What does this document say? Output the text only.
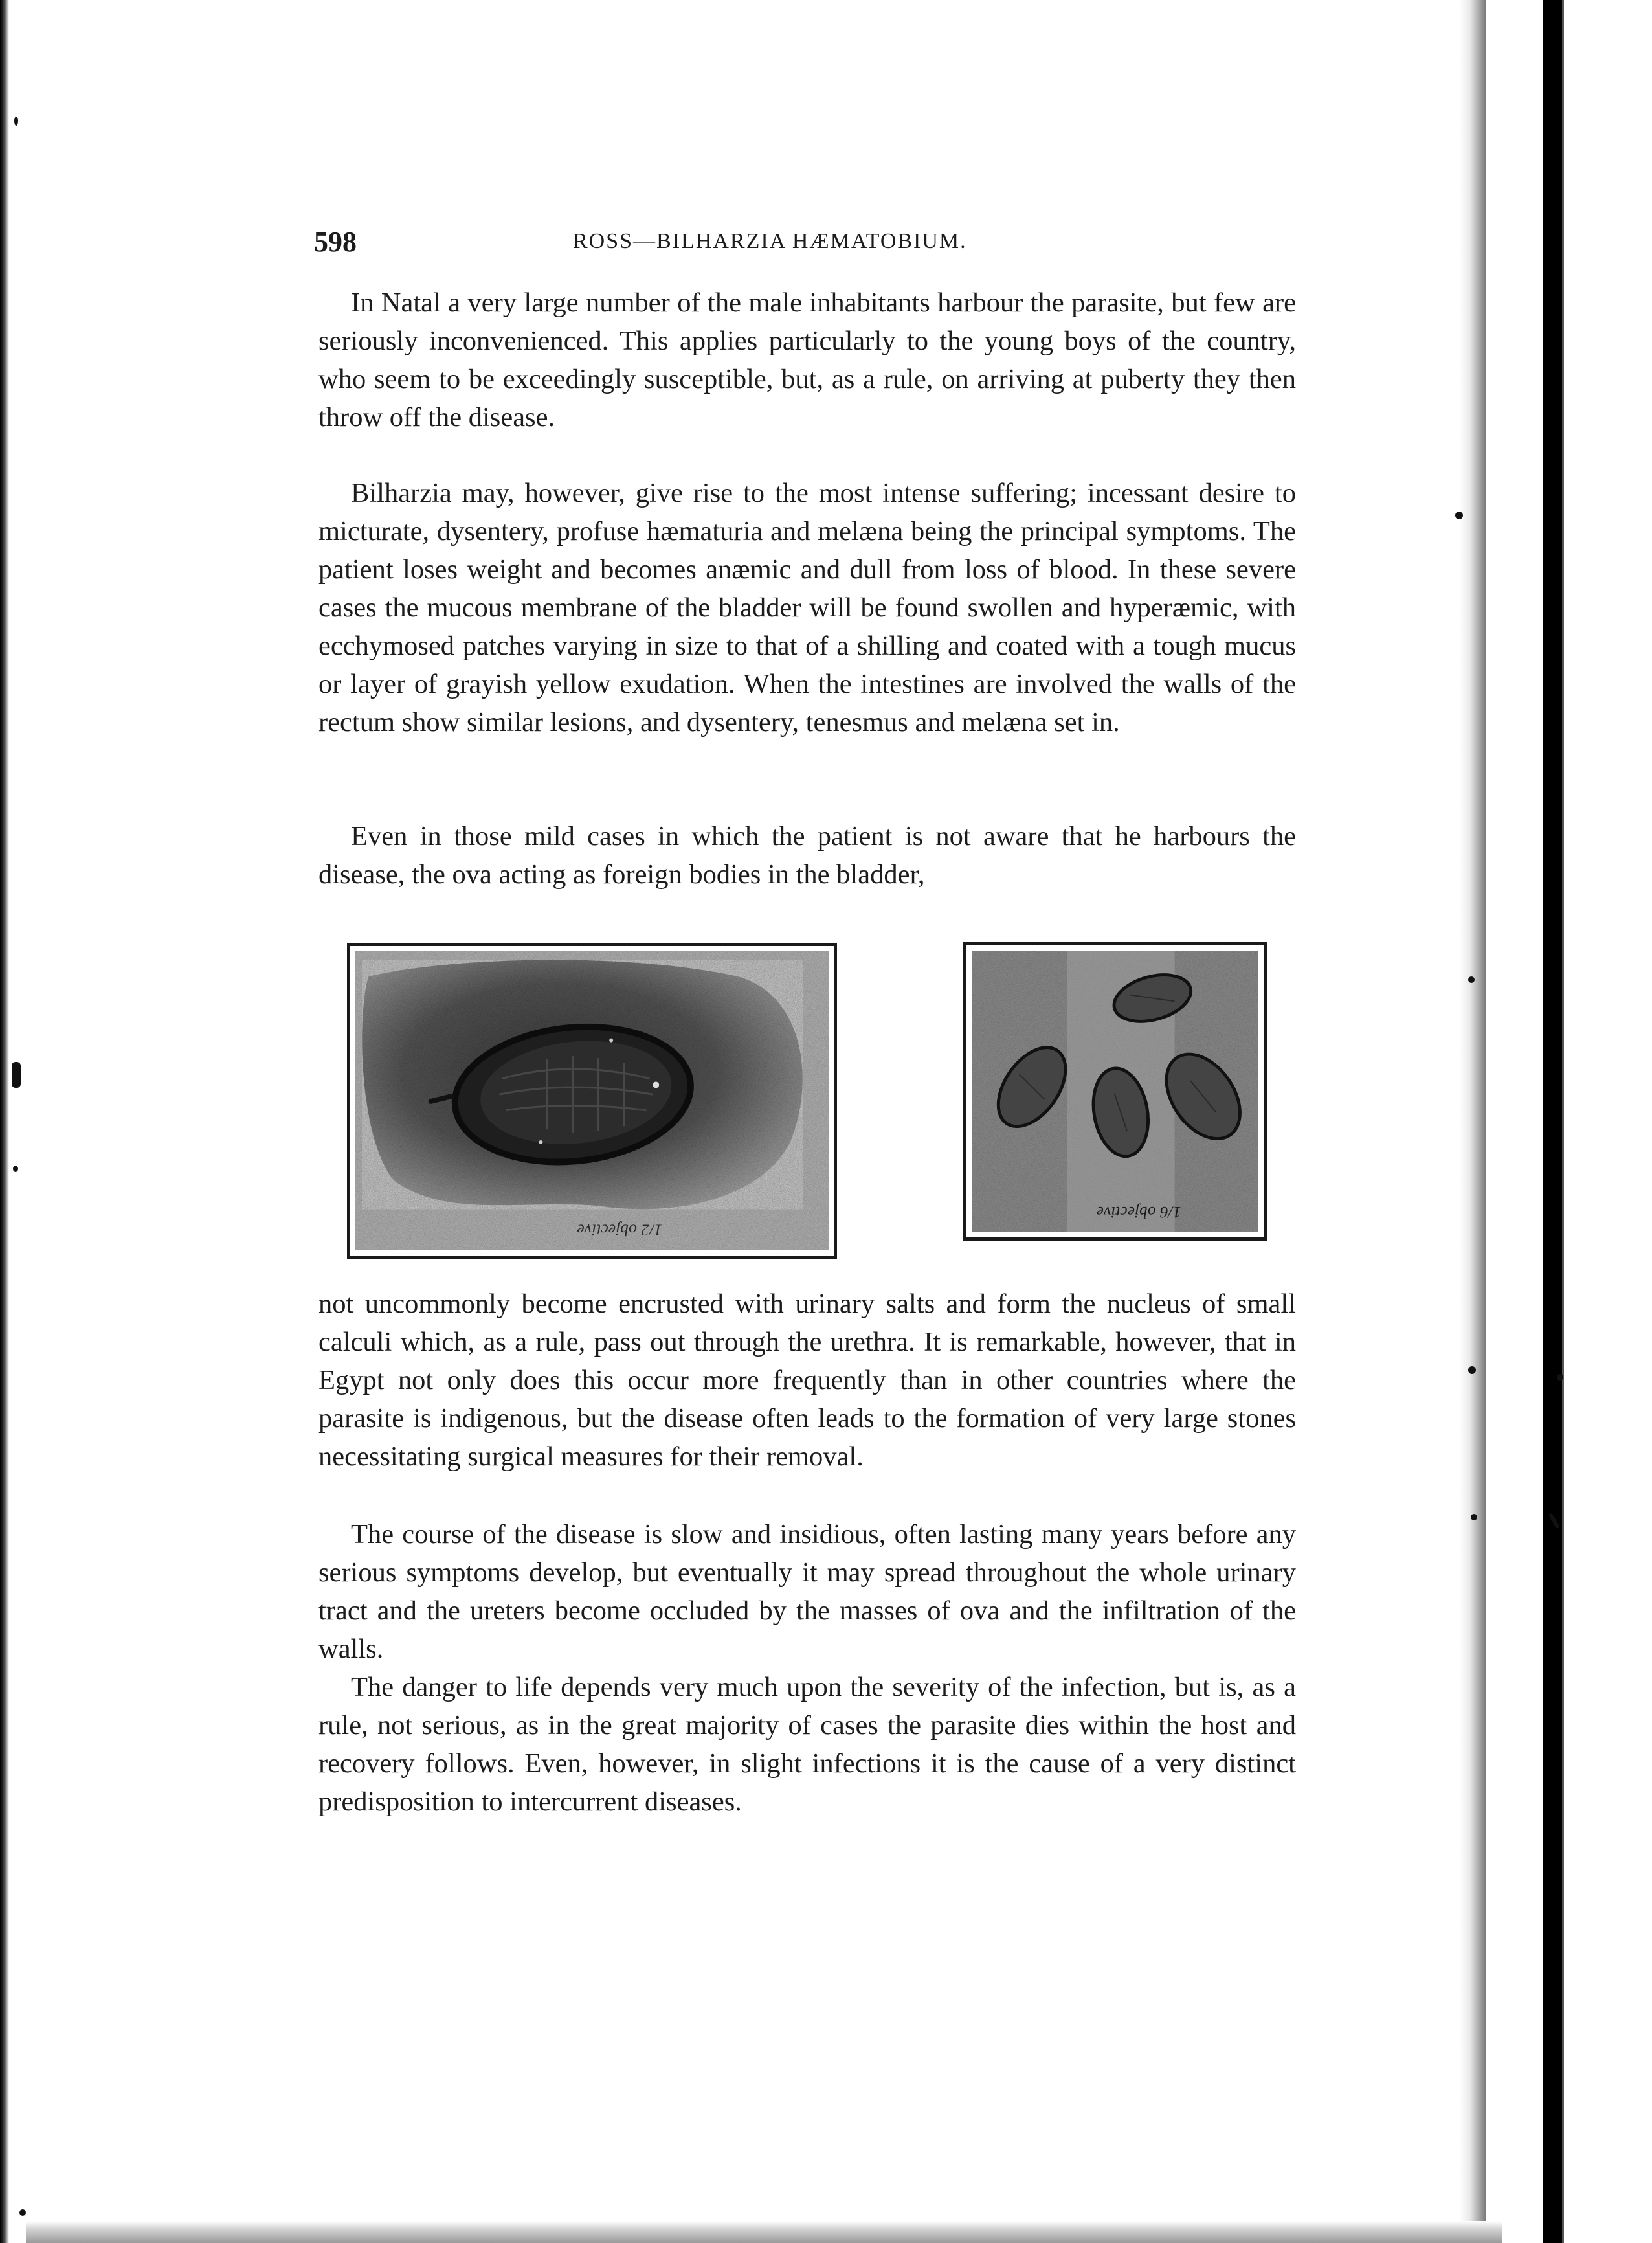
598	ROSS—BILHARZIA HÆMATOBIUM.

In Natal a very large number of the male inhabitants harbour the parasite, but few are seriously inconvenienced. This applies particularly to the young boys of the country, who seem to be exceedingly susceptible, but, as a rule, on arriving at puberty they then throw off the disease.

Bilharzia may, however, give rise to the most intense suffering; incessant desire to micturate, dysentery, profuse hæmaturia and melæna being the principal symptoms. The patient loses weight and becomes anæmic and dull from loss of blood. In these severe cases the mucous membrane of the bladder will be found swollen and hyperæmic, with ecchymosed patches varying in size to that of a shilling and coated with a tough mucus or layer of grayish yellow exudation. When the intestines are involved the walls of the rectum show similar lesions, and dysentery, tenesmus and melæna set in.

Even in those mild cases in which the patient is not aware that he harbours the disease, the ova acting as foreign bodies in the bladder,

1/2 objective
1/6 objective

not uncommonly become encrusted with urinary salts and form the nucleus of small calculi which, as a rule, pass out through the urethra. It is remarkable, however, that in Egypt not only does this occur more frequently than in other countries where the parasite is indigenous, but the disease often leads to the formation of very large stones necessitating surgical measures for their removal.

The course of the disease is slow and insidious, often lasting many years before any serious symptoms develop, but eventually it may spread throughout the whole urinary tract and the ureters become occluded by the masses of ova and the infiltration of the walls.

The danger to life depends very much upon the severity of the infection, but is, as a rule, not serious, as in the great majority of cases the parasite dies within the host and recovery follows. Even, however, in slight infections it is the cause of a very distinct predisposition to intercurrent diseases.
